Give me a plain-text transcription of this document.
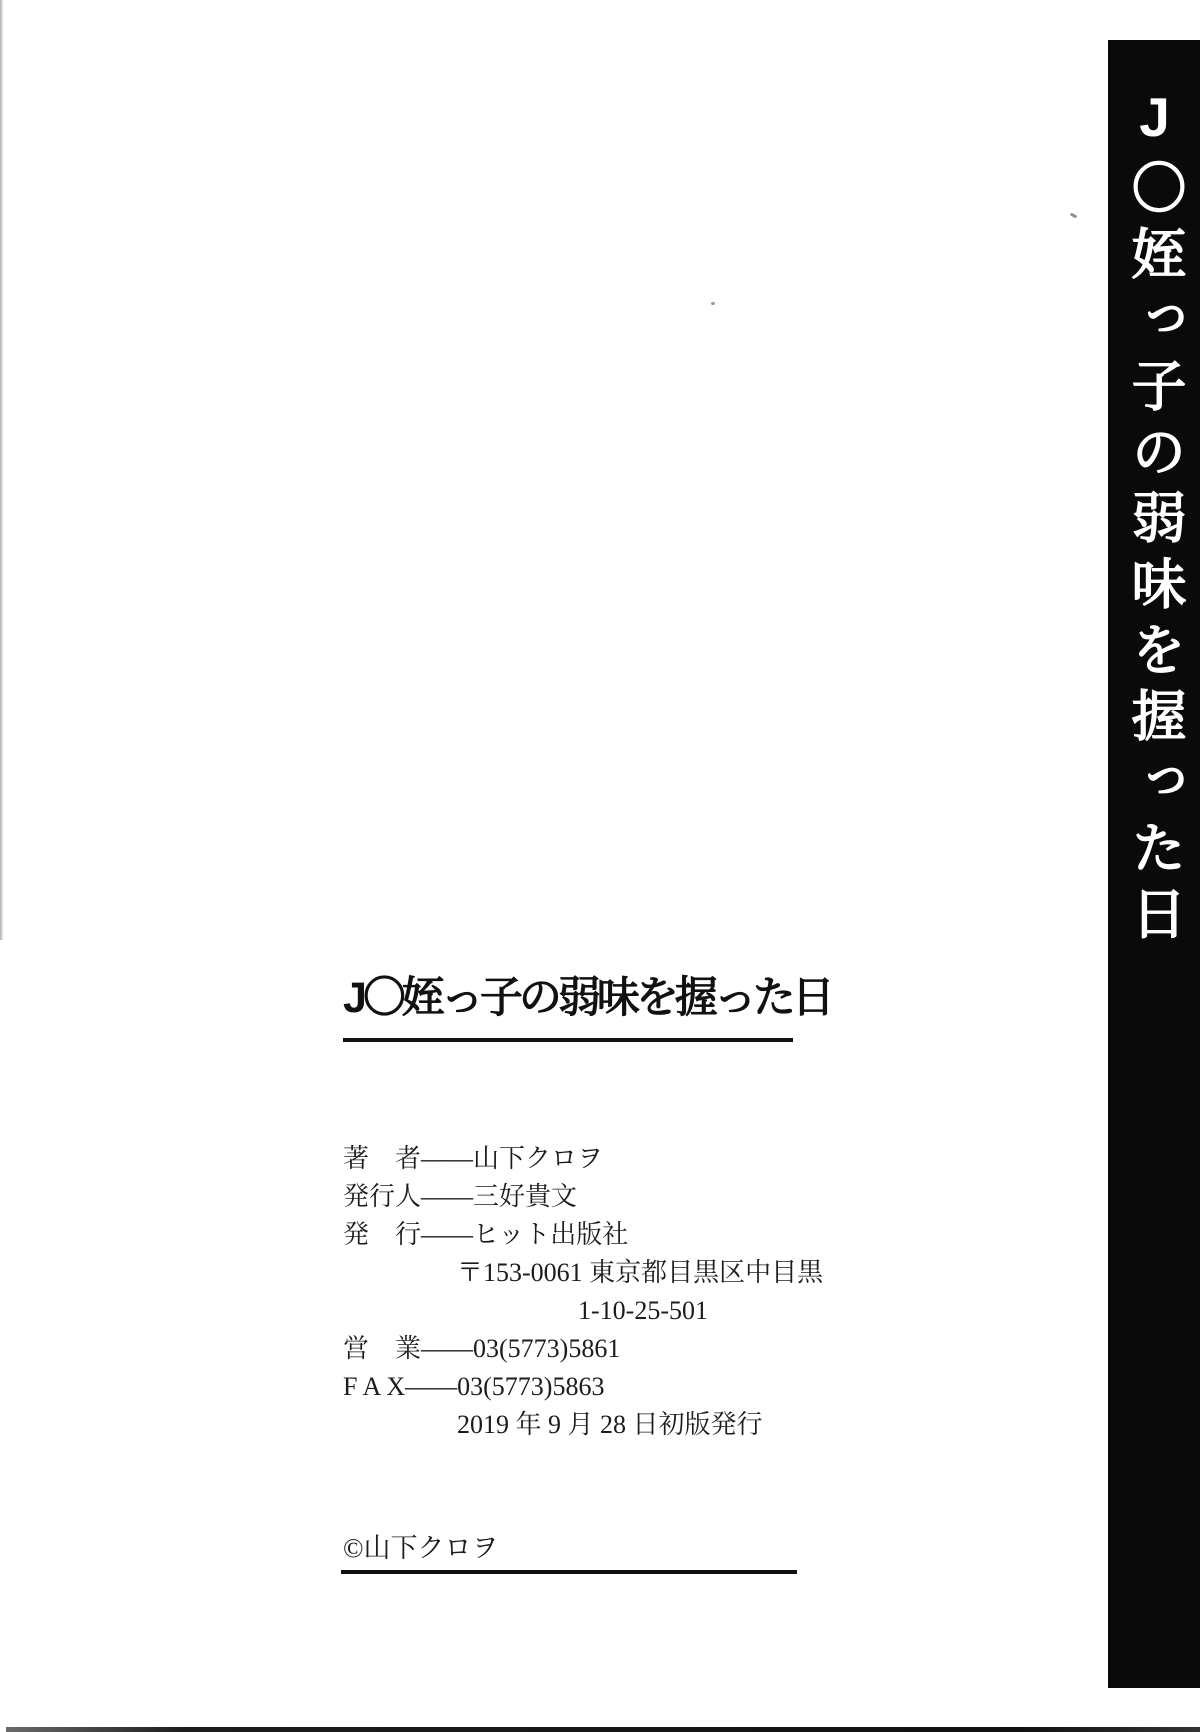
J〇姪っ子の弱味を握った日
J〇姪っ子の弱味を握った日
著　者——山下クロヲ
発行人——三好貴文
発　行——ヒット出版社
〒153-0061 東京都目黒区中目黒
1-10-25-501
営　業——03(5773)5861
F A X——03(5773)5863
2019 年 9 月 28 日初版発行
©山下クロヲ
